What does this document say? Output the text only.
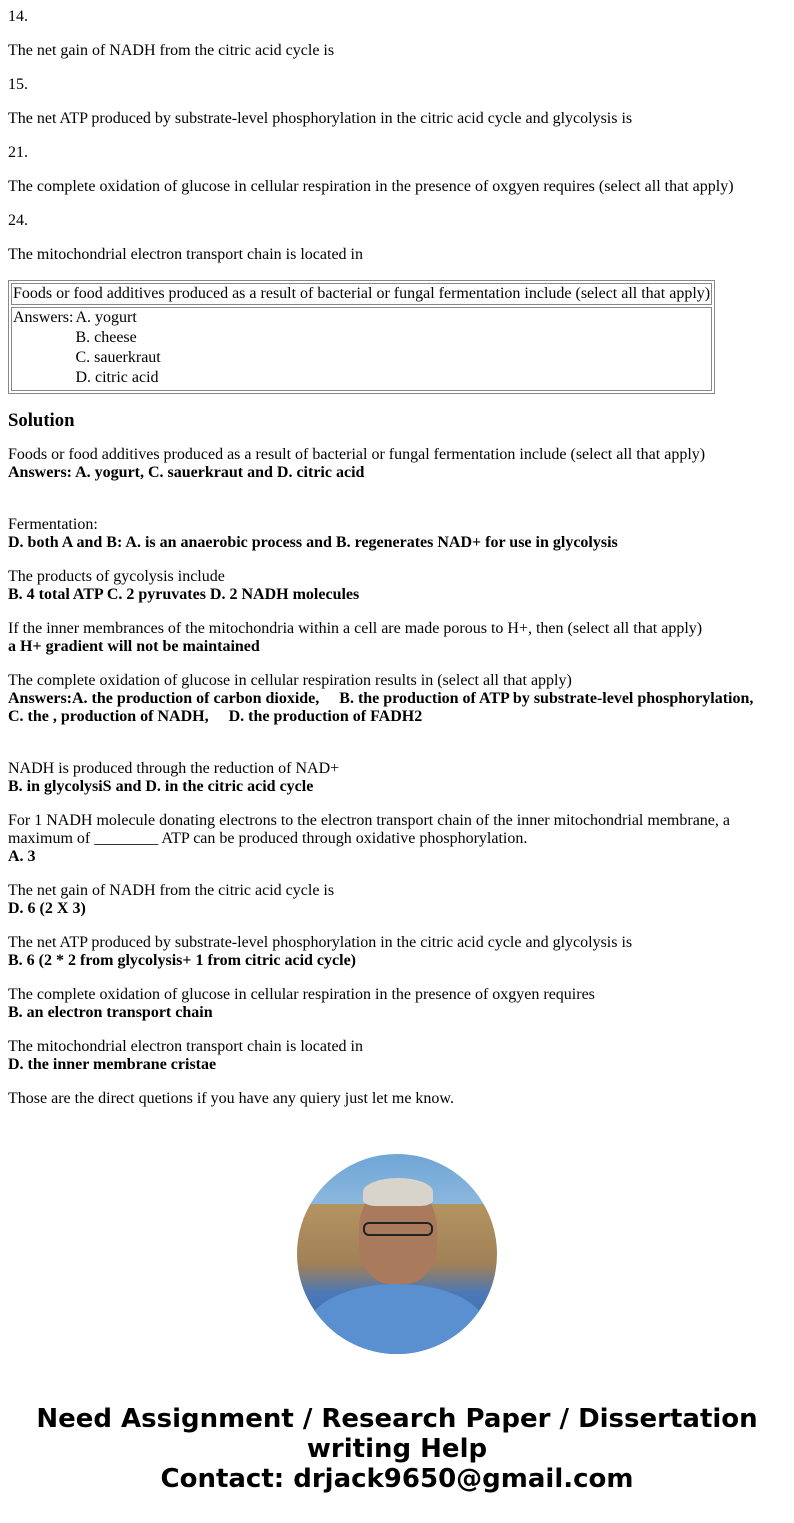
14.

The net gain of NADH from the citric acid cycle is

15.

The net ATP produced by substrate-level phosphorylation in the citric acid cycle and glycolysis is

21.

The complete oxidation of glucose in cellular respiration in the presence of oxgyen requires (select all that apply)

24.

The mitochondrial electron transport chain is located in

Foods or food additives produced as a result of bacterial or fungal fermentation include (select all that apply)

Answers:	A. yogurt
	B. cheese
	C. sauerkraut
	D. citric acid
Solution

Foods or food additives produced as a result of bacterial or fungal fermentation include (select all that apply)
Answers: A. yogurt, C. sauerkraut and D. citric acid

Fermentation:
D. both A and B: A. is an anaerobic process and B. regenerates NAD+ for use in glycolysis

The products of gycolysis include
B. 4 total ATP C. 2 pyruvates D. 2 NADH molecules

If the inner membrances of the mitochondria within a cell are made porous to H+, then (select all that apply)
a H+ gradient will not be maintained

The complete oxidation of glucose in cellular respiration results in (select all that apply)
Answers:A. the production of carbon dioxide,     B. the production of ATP by substrate-level phosphorylation,     C. the , production of NADH,     D. the production of FADH2

NADH is produced through the reduction of NAD+
B. in glycolysiS and D. in the citric acid cycle

For 1 NADH molecule donating electrons to the electron transport chain of the inner mitochondrial membrane, a maximum of ________ ATP can be produced through oxidative phosphorylation.
A. 3

The net gain of NADH from the citric acid cycle is
D. 6 (2 X 3)

The net ATP produced by substrate-level phosphorylation in the citric acid cycle and glycolysis is
B. 6 (2 * 2 from glycolysis+ 1 from citric acid cycle)

The complete oxidation of glucose in cellular respiration in the presence of oxgyen requires
B. an electron transport chain

The mitochondrial electron transport chain is located in
D. the inner membrane cristae

Those are the direct quetions if you have any quiery just let me know.

Need Assignment / Research Paper / Dissertation writing Help
Contact: drjack9650@gmail.com
